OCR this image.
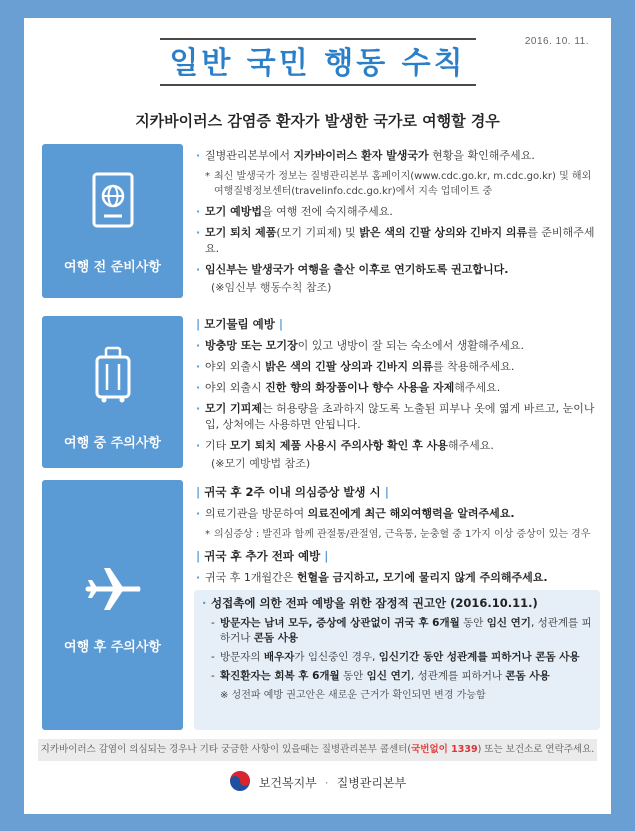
2016. 10. 11.
일반 국민 행동 수칙
지카바이러스 감염증 환자가 발생한 국가로 여행할 경우
여행 전 준비사항
· 질병관리본부에서 지카바이러스 환자 발생국가 현황을 확인해주세요.
* 최신 발생국가 정보는 질병관리본부 홈페이지(www.cdc.go.kr, m.cdc.go.kr) 및 해외여행질병정보센터(travelinfo.cdc.go.kr)에서 지속 업데이트 중
· 모기 예방법을 여행 전에 숙지해주세요.
· 모기 퇴치 제품(모기 기피제) 및 밝은 색의 긴팔 상의와 긴바지 의류를 준비해주세요.
· 임신부는 발생국가 여행을 출산 이후로 연기하도록 권고합니다.
(※임신부 행동수칙 참조)
여행 중 주의사항
| 모기물림 예방 |
· 방충망 또는 모기장이 있고 냉방이 잘 되는 숙소에서 생활해주세요.
· 야외 외출시 밝은 색의 긴팔 상의과 긴바지 의류를 착용해주세요.
· 야외 외출시 진한 향의 화장품이나 향수 사용을 자제해주세요.
· 모기 기피제는 허용량을 초과하지 않도록 노출된 피부나 옷에 엷게 바르고, 눈이나 입, 상처에는 사용하면 안됩니다.
· 기타 모기 퇴치 제품 사용시 주의사항 확인 후 사용해주세요.
(※모기 예방법 참조)
여행 후 주의사항
| 귀국 후 2주 이내 의심증상 발생 시 |
· 의료기관을 방문하여 의료진에게 최근 해외여행력을 알려주세요.
* 의심증상 : 발진과 함께 관절통/관절염, 근육통, 눈충혈 중 1가지 이상 증상이 있는 경우
| 귀국 후 추가 전파 예방 |
· 귀국 후 1개월간은 헌혈을 금지하고, 모기에 물리지 않게 주의해주세요.
· 성접촉에 의한 전파 예방을 위한 잠정적 권고안 (2016.10.11.)
- 방문자는 남녀 모두, 증상에 상관없이 귀국 후 6개월 동안 임신 연기, 성관계를 피하거나 콘돔 사용
- 방문자의 배우자가 임신중인 경우, 임신기간 동안 성관계를 피하거나 콘돔 사용
- 확진환자는 회복 후 6개월 동안 임신 연기, 성관계를 피하거나 콘돔 사용
※ 성전파 예방 권고안은 새로운 근거가 확인되면 변경 가능함
지카바이러스 감염이 의심되는 경우나 기타 궁금한 사항이 있을때는 질병관리본부 콜센터(국번없이 1339) 또는 보건소로 연락주세요.
보건복지부 · 질병관리본부
